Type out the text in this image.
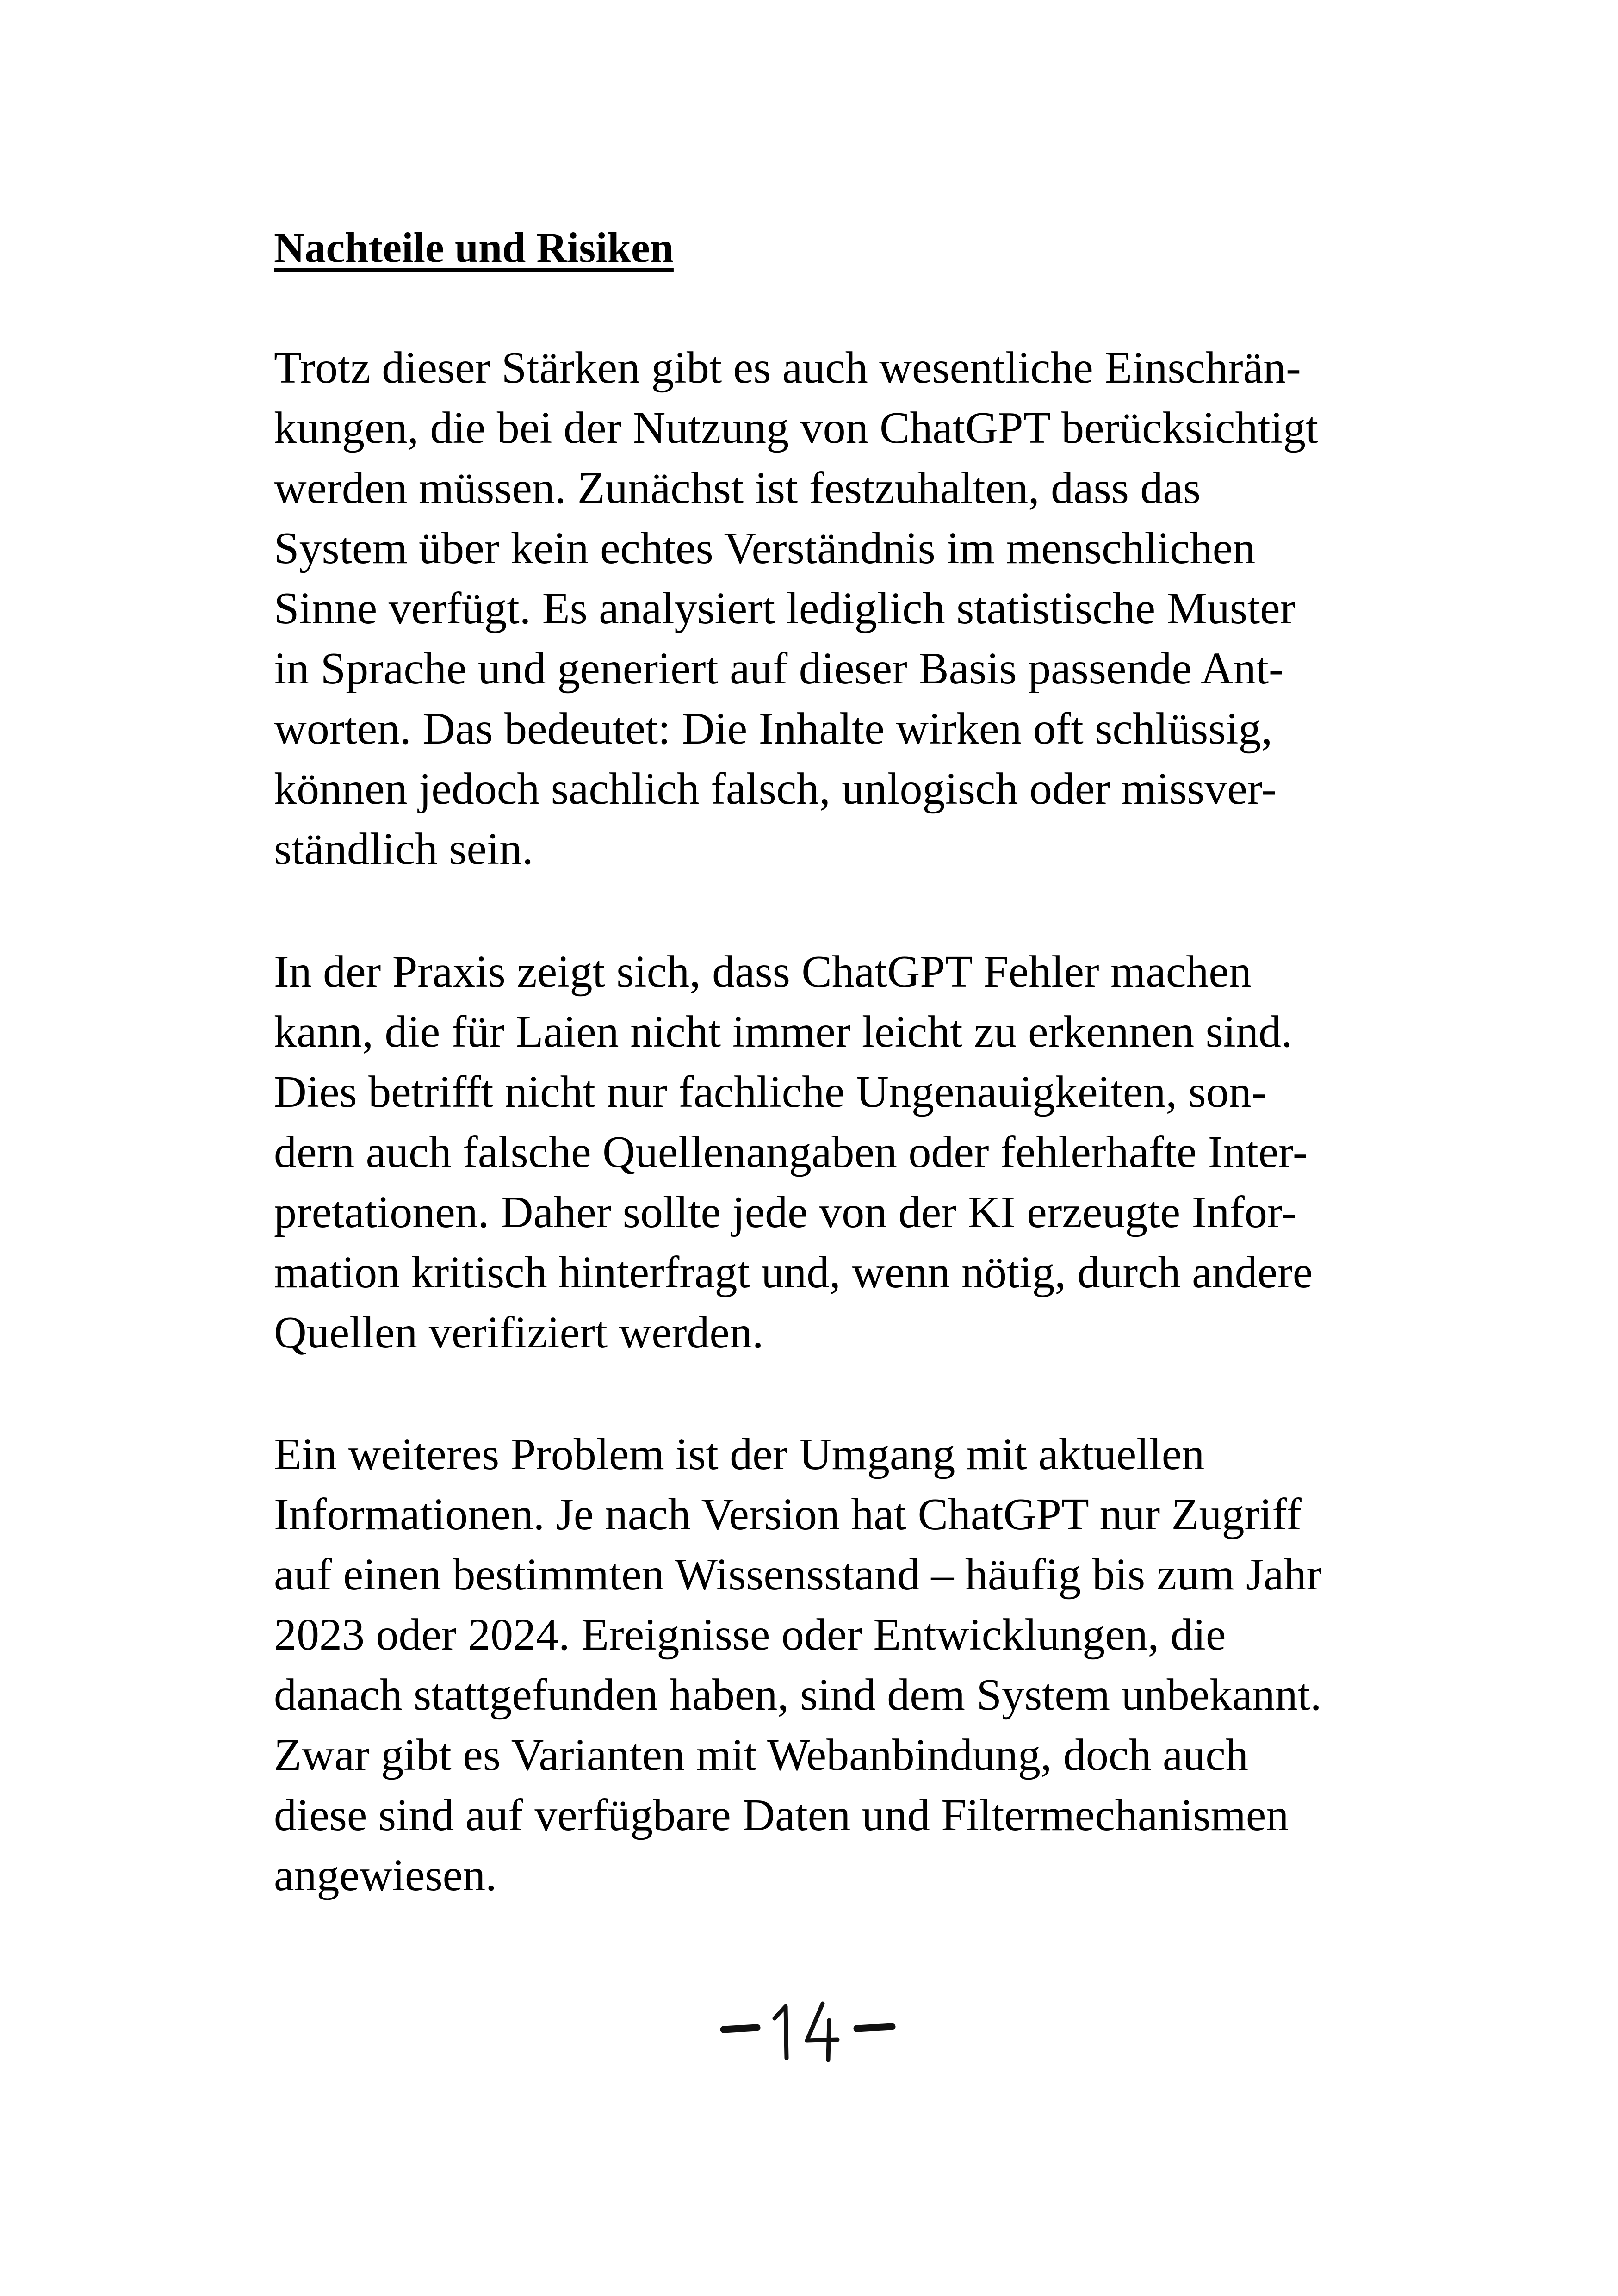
Nachteile und Risiken

Trotz dieser Stärken gibt es auch wesentliche Einschrän-
kungen, die bei der Nutzung von ChatGPT berücksichtigt
werden müssen. Zunächst ist festzuhalten, dass das
System über kein echtes Verständnis im menschlichen
Sinne verfügt. Es analysiert lediglich statistische Muster
in Sprache und generiert auf dieser Basis passende Ant-
worten. Das bedeutet: Die Inhalte wirken oft schlüssig,
können jedoch sachlich falsch, unlogisch oder missver-
ständlich sein.

In der Praxis zeigt sich, dass ChatGPT Fehler machen
kann, die für Laien nicht immer leicht zu erkennen sind.
Dies betrifft nicht nur fachliche Ungenauigkeiten, son-
dern auch falsche Quellenangaben oder fehlerhafte Inter-
pretationen. Daher sollte jede von der KI erzeugte Infor-
mation kritisch hinterfragt und, wenn nötig, durch andere
Quellen verifiziert werden.

Ein weiteres Problem ist der Umgang mit aktuellen
Informationen. Je nach Version hat ChatGPT nur Zugriff
auf einen bestimmten Wissensstand – häufig bis zum Jahr
2023 oder 2024. Ereignisse oder Entwicklungen, die
danach stattgefunden haben, sind dem System unbekannt.
Zwar gibt es Varianten mit Webanbindung, doch auch
diese sind auf verfügbare Daten und Filtermechanismen
angewiesen.
